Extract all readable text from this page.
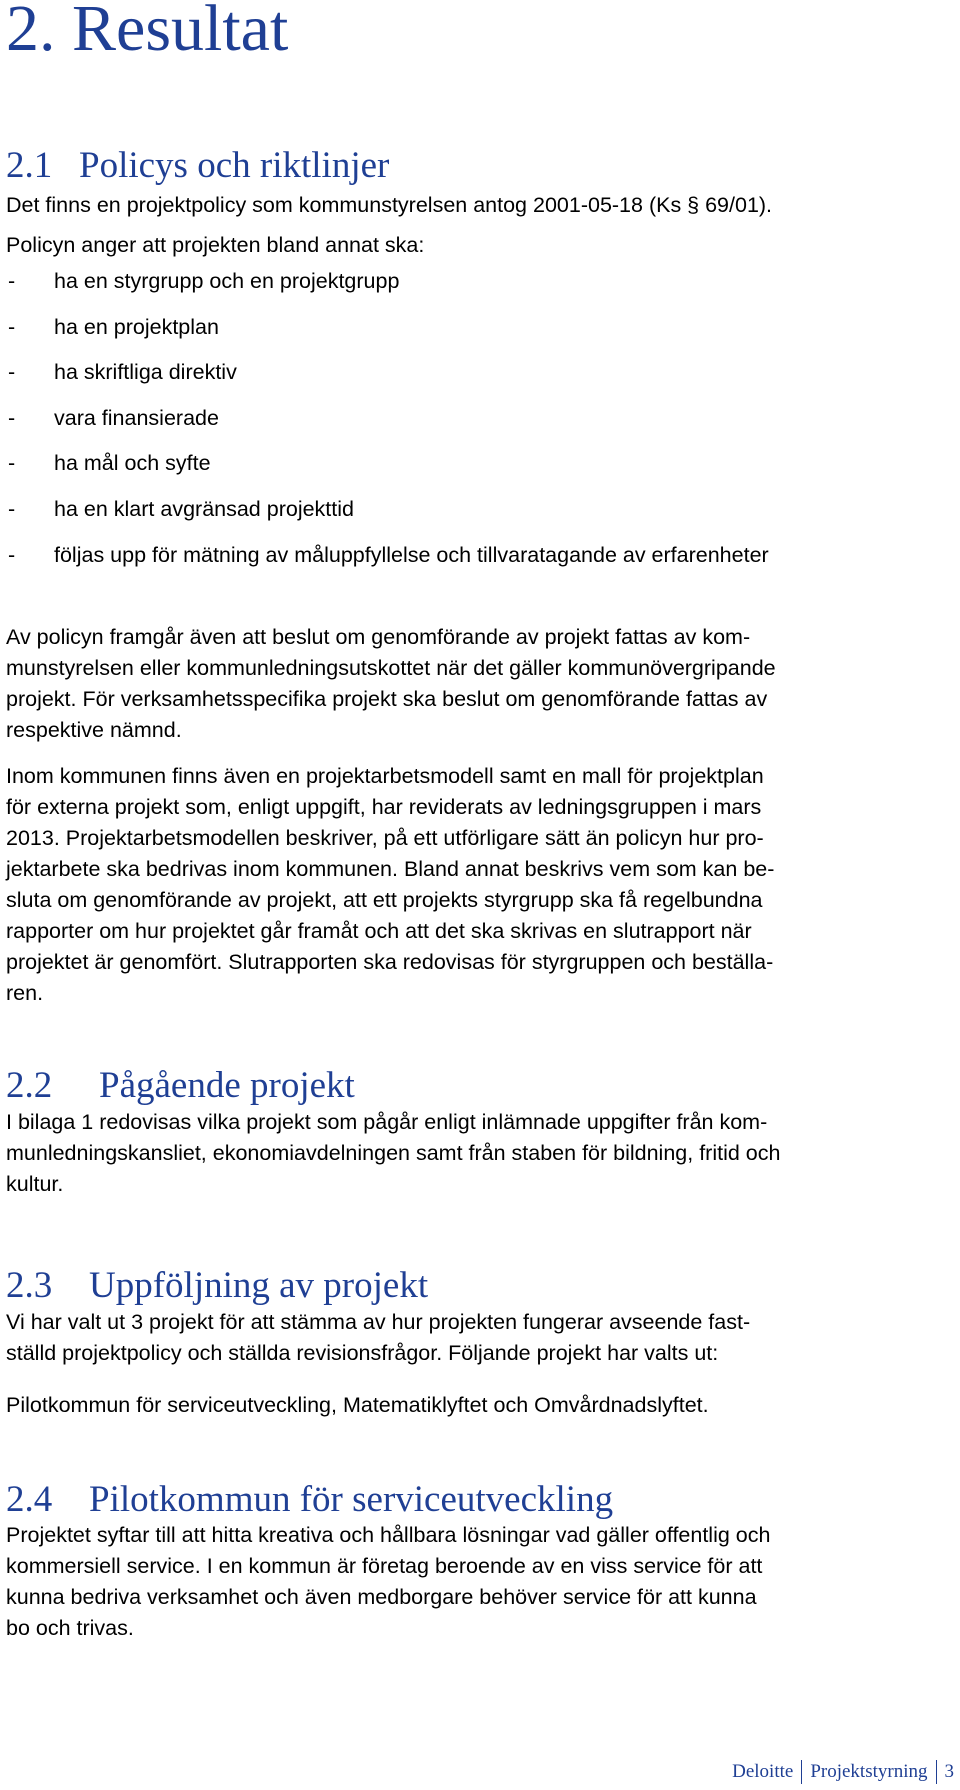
2. Resultat
2.1 Policys och riktlinjer
Det finns en projektpolicy som kommunstyrelsen antog 2001-05-18 (Ks § 69/01).
Policyn anger att projekten bland annat ska:
- ha en styrgrupp och en projektgrupp
- ha en projektplan
- ha skriftliga direktiv
- vara finansierade
- ha mål och syfte
- ha en klart avgränsad projekttid
- följas upp för mätning av måluppfyllelse och tillvaratagande av erfarenheter
Av policyn framgår även att beslut om genomförande av projekt fattas av kom-
munstyrelsen eller kommunledningsutskottet när det gäller kommunövergripande
projekt. För verksamhetsspecifika projekt ska beslut om genomförande fattas av
respektive nämnd.
Inom kommunen finns även en projektarbetsmodell samt en mall för projektplan
för externa projekt som, enligt uppgift, har reviderats av ledningsgruppen i mars
2013. Projektarbetsmodellen beskriver, på ett utförligare sätt än policyn hur pro-
jektarbete ska bedrivas inom kommunen. Bland annat beskrivs vem som kan be-
sluta om genomförande av projekt, att ett projekts styrgrupp ska få regelbundna
rapporter om hur projektet går framåt och att det ska skrivas en slutrapport när
projektet är genomfört. Slutrapporten ska redovisas för styrgruppen och beställa-
ren.
2.2 Pågående projekt
I bilaga 1 redovisas vilka projekt som pågår enligt inlämnade uppgifter från kom-
munledningskansliet, ekonomiavdelningen samt från staben för bildning, fritid och
kultur.
2.3 Uppföljning av projekt
Vi har valt ut 3 projekt för att stämma av hur projekten fungerar avseende fast-
ställd projektpolicy och ställda revisionsfrågor. Följande projekt har valts ut:
Pilotkommun för serviceutveckling, Matematiklyftet och Omvårdnadslyftet.
2.4 Pilotkommun för serviceutveckling
Projektet syftar till att hitta kreativa och hållbara lösningar vad gäller offentlig och
kommersiell service. I en kommun är företag beroende av en viss service för att
kunna bedriva verksamhet och även medborgare behöver service för att kunna
bo och trivas.
Deloitte Projektstyrning 3
